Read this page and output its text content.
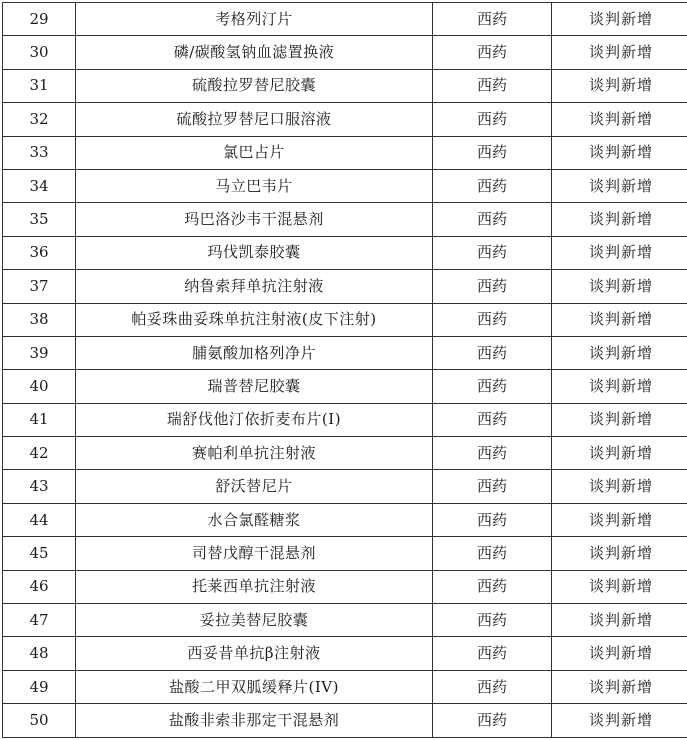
29	考格列汀片	西药	谈判新增
30	磷/碳酸氢钠血滤置换液	西药	谈判新增
31	硫酸拉罗替尼胶囊	西药	谈判新增
32	硫酸拉罗替尼口服溶液	西药	谈判新增
33	氯巴占片	西药	谈判新增
34	马立巴韦片	西药	谈判新增
35	玛巴洛沙韦干混悬剂	西药	谈判新增
36	玛伐凯泰胶囊	西药	谈判新增
37	纳鲁索拜单抗注射液	西药	谈判新增
38	帕妥珠曲妥珠单抗注射液(皮下注射)	西药	谈判新增
39	脯氨酸加格列净片	西药	谈判新增
40	瑞普替尼胶囊	西药	谈判新增
41	瑞舒伐他汀依折麦布片(Ⅰ)	西药	谈判新增
42	赛帕利单抗注射液	西药	谈判新增
43	舒沃替尼片	西药	谈判新增
44	水合氯醛糖浆	西药	谈判新增
45	司替戊醇干混悬剂	西药	谈判新增
46	托莱西单抗注射液	西药	谈判新增
47	妥拉美替尼胶囊	西药	谈判新增
48	西妥昔单抗β注射液	西药	谈判新增
49	盐酸二甲双胍缓释片(IV)	西药	谈判新增
50	盐酸非索非那定干混悬剂	西药	谈判新增
